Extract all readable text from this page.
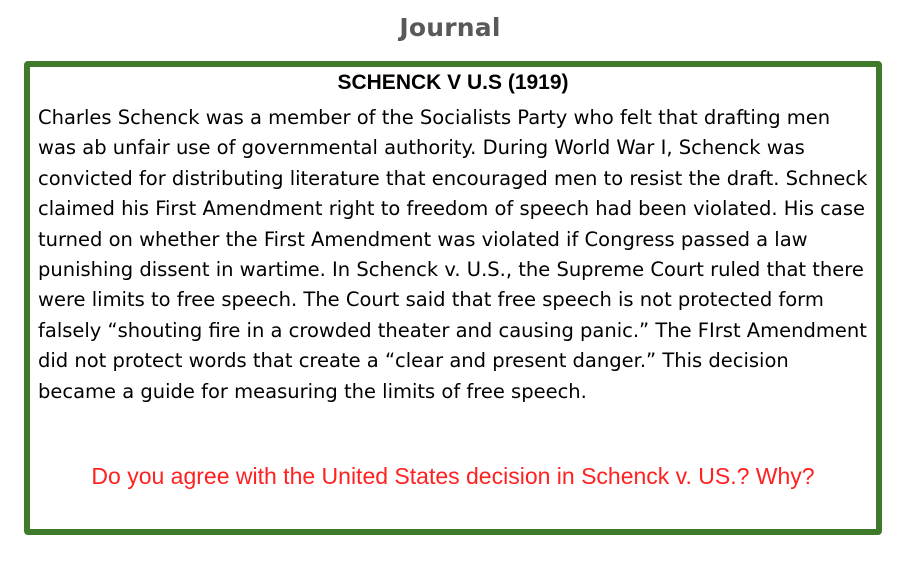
Journal
SCHENCK V U.S (1919)

Charles Schenck was a member of the Socialists Party who felt that drafting men was ab unfair use of governmental authority. During World War I, Schenck was convicted for distributing literature that encouraged men to resist the draft. Schneck claimed his First Amendment right to freedom of speech had been violated. His case turned on whether the First Amendment was violated if Congress passed a law punishing dissent in wartime. In Schenck v. U.S., the Supreme Court ruled that there were limits to free speech. The Court said that free speech is not protected form falsely “shouting fire in a crowded theater and causing panic.” The FIrst Amendment did not protect words that create a “clear and present danger.” This decision became a guide for measuring the limits of free speech.

Do you agree with the United States decision in Schenck v. US.? Why?
